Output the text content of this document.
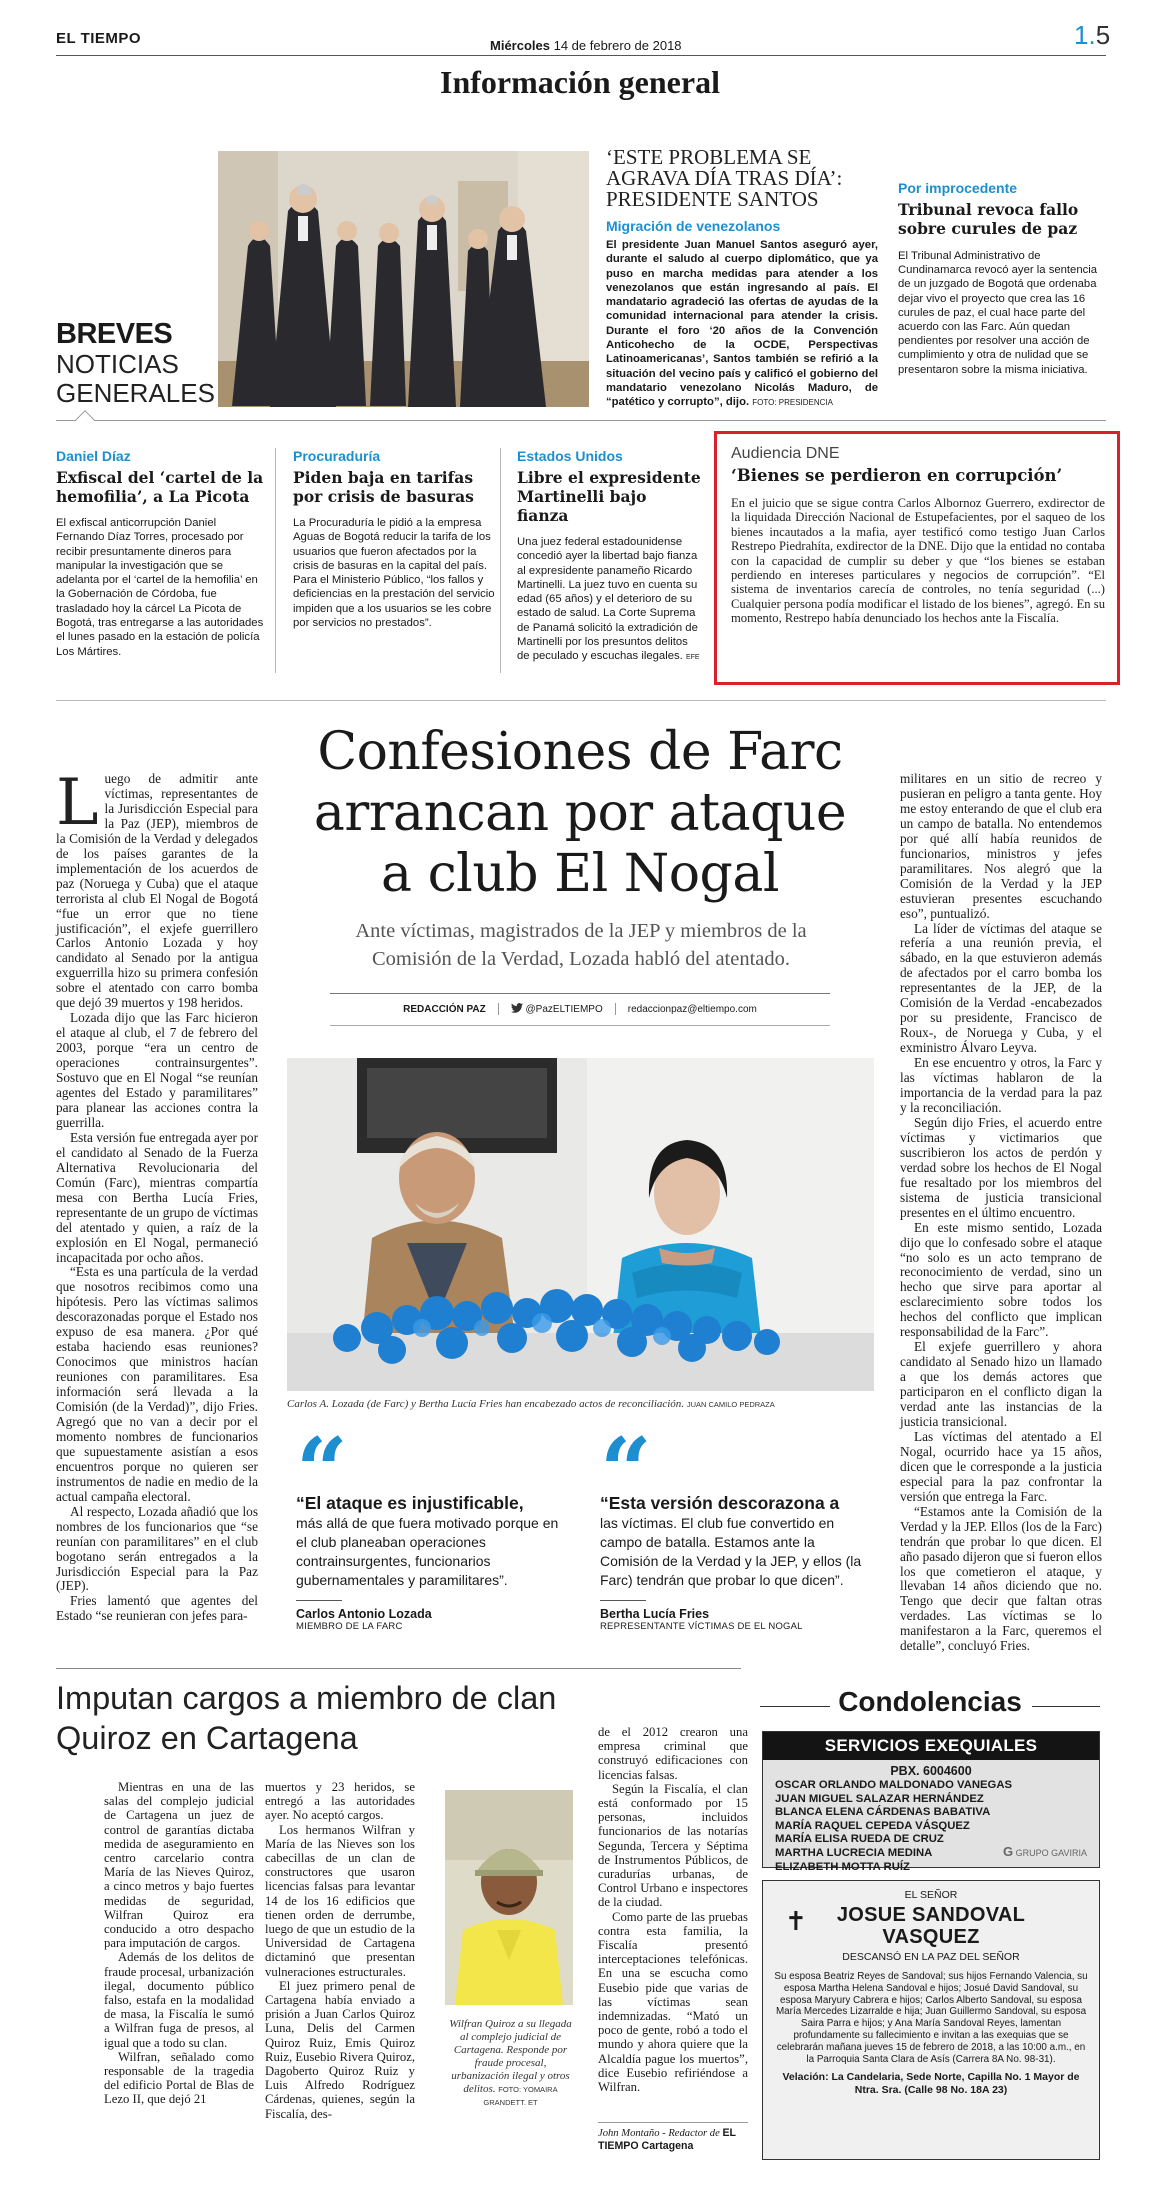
EL TIEMPO	Miércoles 14 de febrero de 2018	1.5
Información general
BREVES
NOTICIAS GENERALES
‘ESTE PROBLEMA SE AGRAVA DÍA TRAS DÍA’: PRESIDENTE SANTOS
Migración de venezolanos
El presidente Juan Manuel Santos aseguró ayer, durante el saludo al cuerpo diplomático, que ya puso en marcha medidas para atender a los venezolanos que están ingresando al país. El mandatario agradeció las ofertas de ayudas de la comunidad internacional para atender la crisis. Durante el foro ‘20 años de la Convención Anticohecho de la OCDE, Perspectivas Latinoamericanas’, Santos también se refirió a la situación del vecino país y calificó el gobierno del mandatario venezolano Nicolás Maduro, de “patético y corrupto”, dijo. FOTO: PRESIDENCIA
Por improcedente
Tribunal revoca fallo sobre curules de paz
El Tribunal Administrativo de Cundinamarca revocó ayer la sentencia de un juzgado de Bogotá que ordenaba dejar vivo el proyecto que crea las 16 curules de paz, el cual hace parte del acuerdo con las Farc. Aún quedan pendientes por resolver una acción de cumplimiento y otra de nulidad que se presentaron sobre la misma iniciativa.
Daniel Díaz
Exfiscal del ‘cartel de la hemofilia’, a La Picota
El exfiscal anticorrupción Daniel Fernando Díaz Torres, procesado por recibir presuntamente dineros para manipular la investigación que se adelanta por el ‘cartel de la hemofilia’ en la Gobernación de Córdoba, fue trasladado hoy la cárcel La Picota de Bogotá, tras entregarse a las autoridades el lunes pasado en la estación de policía Los Mártires.
Procuraduría
Piden baja en tarifas por crisis de basuras
La Procuraduría le pidió a la empresa Aguas de Bogotá reducir la tarifa de los usuarios que fueron afectados por la crisis de basuras en la capital del país. Para el Ministerio Público, “los fallos y deficiencias en la prestación del servicio impiden que a los usuarios se les cobre por servicios no prestados”.
Estados Unidos
Libre el expresidente Martinelli bajo fianza
Una juez federal estadounidense concedió ayer la libertad bajo fianza al expresidente panameño Ricardo Martinelli. La juez tuvo en cuenta su edad (65 años) y el deterioro de su estado de salud. La Corte Suprema de Panamá solicitó la extradición de Martinelli por los presuntos delitos de peculado y escuchas ilegales. EFE
Audiencia DNE
‘Bienes se perdieron en corrupción’
En el juicio que se sigue contra Carlos Albornoz Guerrero, exdirector de la liquidada Dirección Nacional de Estupefacientes, por el saqueo de los bienes incautados a la mafia, ayer testificó como testigo Juan Carlos Restrepo Piedrahíta, exdirector de la DNE. Dijo que la entidad no contaba con la capacidad de cumplir su deber y que “los bienes se estaban perdiendo en intereses particulares y negocios de corrupción”. “El sistema de inventarios carecía de controles, no tenía seguridad (...) Cualquier persona podía modificar el listado de los bienes”, agregó. En su momento, Restrepo había denunciado los hechos ante la Fiscalía.
Confesiones de Farc arrancan por ataque a club El Nogal
Ante víctimas, magistrados de la JEP y miembros de la Comisión de la Verdad, Lozada habló del atentado.
REDACCIÓN PAZ	@PazELTIEMPO	redaccionpaz@eltiempo.com
L uego de admitir ante víctimas, representantes de la Jurisdicción Especial para la Paz (JEP), miembros de la Comisión de la Verdad y delegados de los países garantes de la implementación de los acuerdos de paz (Noruega y Cuba) que el ataque terrorista al club El Nogal de Bogotá “fue un error que no tiene justificación”, el exjefe guerrillero Carlos Antonio Lozada y hoy candidato al Senado por la antigua exguerrilla hizo su primera confesión sobre el atentado con carro bomba que dejó 39 muertos y 198 heridos.

Lozada dijo que las Farc hicieron el ataque al club, el 7 de febrero del 2003, porque “era un centro de operaciones contrainsurgentes”. Sostuvo que en El Nogal “se reunían agentes del Estado y paramilitares” para planear las acciones contra la guerrilla.

Esta versión fue entregada ayer por el candidato al Senado de la Fuerza Alternativa Revolucionaria del Común (Farc), mientras compartía mesa con Bertha Lucía Fries, representante de un grupo de víctimas del atentado y quien, a raíz de la explosión en El Nogal, permaneció incapacitada por ocho años.

“Esta es una partícula de la verdad que nosotros recibimos como una hipótesis. Pero las víctimas salimos descorazonadas porque el Estado nos expuso de esa manera. ¿Por qué estaba haciendo esas reuniones? Conocimos que ministros hacían reuniones con paramilitares. Esa información será llevada a la Comisión (de la Verdad)”, dijo Fries. Agregó que no van a decir por el momento nombres de funcionarios que supuestamente asistían a esos encuentros porque no quieren ser instrumentos de nadie en medio de la actual campaña electoral.

Al respecto, Lozada añadió que los nombres de los funcionarios que “se reunían con paramilitares” en el club bogotano serán entregados a la Jurisdicción Especial para la Paz (JEP).

Fries lamentó que agentes del Estado “se reunieran con jefes para-

militares en un sitio de recreo y pusieran en peligro a tanta gente. Hoy me estoy enterando de que el club era un campo de batalla. No entendemos por qué allí había reunidos de funcionarios, ministros y jefes paramilitares. Nos alegró que la Comisión de la Verdad y la JEP estuvieran presentes escuchando eso”, puntualizó.

La líder de víctimas del ataque se refería a una reunión previa, el sábado, en la que estuvieron además de afectados por el carro bomba los representantes de la JEP, de la Comisión de la Verdad -encabezados por su presidente, Francisco de Roux-, de Noruega y Cuba, y el exministro Álvaro Leyva.

En ese encuentro y otros, la Farc y las víctimas hablaron de la importancia de la verdad para la paz y la reconciliación.

Según dijo Fries, el acuerdo entre víctimas y victimarios que suscribieron los actos de perdón y verdad sobre los hechos de El Nogal fue resaltado por los miembros del sistema de justicia transicional presentes en el último encuentro.

En este mismo sentido, Lozada dijo que lo confesado sobre el ataque “no solo es un acto temprano de reconocimiento de verdad, sino un hecho que sirve para aportar al esclarecimiento sobre todos los hechos del conflicto que implican responsabilidad de la Farc”.

El exjefe guerrillero y ahora candidato al Senado hizo un llamado a que los demás actores que participaron en el conflicto digan la verdad ante las instancias de la justicia transicional.

Las víctimas del atentado a El Nogal, ocurrido hace ya 15 años, dicen que le corresponde a la justicia especial para la paz confrontar la versión que entrega la Farc.

“Estamos ante la Comisión de la Verdad y la JEP. Ellos (los de la Farc) tendrán que probar lo que dicen. El año pasado dijeron que si fueron ellos los que cometieron el ataque, y llevaban 14 años diciendo que no. Tengo que decir que faltan otras verdades. Las víctimas se lo manifestaron a la Farc, queremos el detalle”, concluyó Fries.

Carlos A. Lozada (de Farc) y Bertha Lucía Fries han encabezado actos de reconciliación. JUAN CAMILO PEDRAZA
“
“El ataque es injustificable,
más allá de que fuera motivado porque en el club planeaban operaciones contrainsurgentes, funcionarios gubernamentales y paramilitares”.
Carlos Antonio Lozada
MIEMBRO DE LA FARC
“
“Esta versión descorazona a
las víctimas. El club fue convertido en campo de batalla. Estamos ante la Comisión de la Verdad y la JEP, y ellos (la Farc) tendrán que probar lo que dicen”.
Bertha Lucía Fries
REPRESENTANTE VÍCTIMAS DE EL NOGAL
Imputan cargos a miembro de clan Quiroz en Cartagena

Mientras en una de las salas del complejo judicial de Cartagena un juez de control de garantías dictaba medida de aseguramiento en centro carcelario contra María de las Nieves Quiroz, a cinco metros y bajo fuertes medidas de seguridad, Wilfran Quiroz era conducido a otro despacho para imputación de cargos.

Además de los delitos de fraude procesal, urbanización ilegal, documento público falso, estafa en la modalidad de masa, la Fiscalía le sumó a Wilfran fuga de presos, al igual que a todo su clan.

Wilfran, señalado como responsable de la tragedia del edificio Portal de Blas de Lezo II, que dejó 21

muertos y 23 heridos, se entregó a las autoridades ayer. No aceptó cargos.

Los hermanos Wilfran y María de las Nieves son los cabecillas de un clan de constructores que usaron licencias falsas para levantar 14 de los 16 edificios que tienen orden de derrumbe, luego de que un estudio de la Universidad de Cartagena dictaminó que presentan vulneraciones estructurales.

El juez primero penal de Cartagena había enviado a prisión a Juan Carlos Quiroz Luna, Delis del Carmen Quiroz Ruiz, Emis Quiroz Ruiz, Eusebio Rivera Quiroz, Dagoberto Quiroz Ruiz y Luis Alfredo Rodríguez Cárdenas, quienes, según la Fiscalía, des-

Wilfran Quiroz a su llegada al complejo judicial de Cartagena. Responde por fraude procesal, urbanización ilegal y otros delitos. FOTO: YOMAIRA GRANDETT. ET

de el 2012 crearon una empresa criminal que construyó edificaciones con licencias falsas.

Según la Fiscalía, el clan está conformado por 15 personas, incluidos funcionarios de las notarías Segunda, Tercera y Séptima de Instrumentos Públicos, de curadurías urbanas, de Control Urbano e inspectores de la ciudad.

Como parte de las pruebas contra esta familia, la Fiscalía presentó interceptaciones telefónicas. En una se escucha como Eusebio pide que varias de las víctimas sean indemnizadas. “Mató un poco de gente, robó a todo el mundo y ahora quiere que la Alcaldía pague los muertos”, dice Eusebio refiriéndose a Wilfran.

John Montaño - Redactor de EL TIEMPO Cartagena
Condolencias
SERVICIOS EXEQUIALES
PBX. 6004600
OSCAR ORLANDO MALDONADO VANEGAS
JUAN MIGUEL SALAZAR HERNÁNDEZ
BLANCA ELENA CÁRDENAS BABATIVA
MARÍA RAQUEL CEPEDA VÁSQUEZ
MARÍA ELISA RUEDA DE CRUZ
MARTHA LUCRECIA MEDINA
ELIZABETH MOTTA RUÍZ
G GRUPO GAVIRIA
EL SEÑOR
✝	JOSUE SANDOVAL
VASQUEZ
DESCANSÓ EN LA PAZ DEL SEÑOR
Su esposa Beatriz Reyes de Sandoval; sus hijos Fernando Valencia, su esposa Martha Helena Sandoval e hijos; Josué David Sandoval, su esposa Maryury Cabrera e hijos; Carlos Alberto Sandoval, su esposa María Mercedes Lizarralde e hija; Juan Guillermo Sandoval, su esposa Saira Parra e hijos; y Ana María Sandoval Reyes, lamentan profundamente su fallecimiento e invitan a las exequias que se celebrarán mañana jueves 15 de febrero de 2018, a las 10:00 a.m., en la Parroquia Santa Clara de Asís (Carrera 8A No. 98-31).
Velación: La Candelaria, Sede Norte, Capilla No. 1 Mayor de Ntra. Sra. (Calle 98 No. 18A 23)
